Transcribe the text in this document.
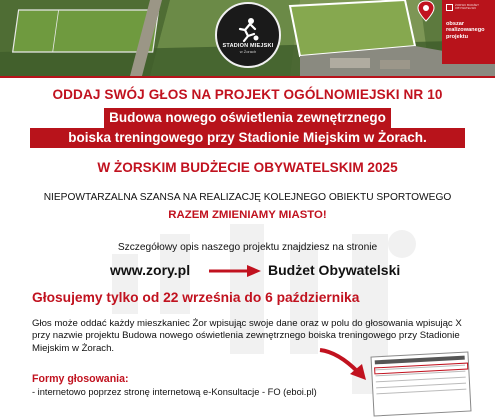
STADION MIEJSKI
w Żorach
ŻORSKI BUDŻET OBYWATELSKI
obszar realizowanego projektu
ODDAJ SWÓJ GŁOS NA PROJEKT OGÓLNOMIEJSKI NR 10
Budowa nowego oświetlenia zewnętrznego
boiska treningowego przy Stadionie Miejskim w Żorach.
W ŻORSKIM BUDŻECIE OBYWATELSKIM 2025
NIEPOWTARZALNA SZANSA NA REALIZACJĘ KOLEJNEGO OBIEKTU SPORTOWEGO
RAZEM ZMIENIAMY MIASTO!
Szczegółowy opis naszego projektu znajdziesz na stronie
www.zory.pl	Budżet Obywatelski
Głosujemy tylko od 22 września do 6 października
Głos może oddać każdy mieszkaniec Żor wpisując swoje dane oraz w polu do głosowania wpisując X przy nazwie projektu Budowa nowego oświetlenia zewnętrznego boiska treningowego przy Stadionie Miejskim w Żorach.
Formy głosowania:
- internetowo poprzez stronę internetową e-Konsultacje - FO (eboi.pl)
